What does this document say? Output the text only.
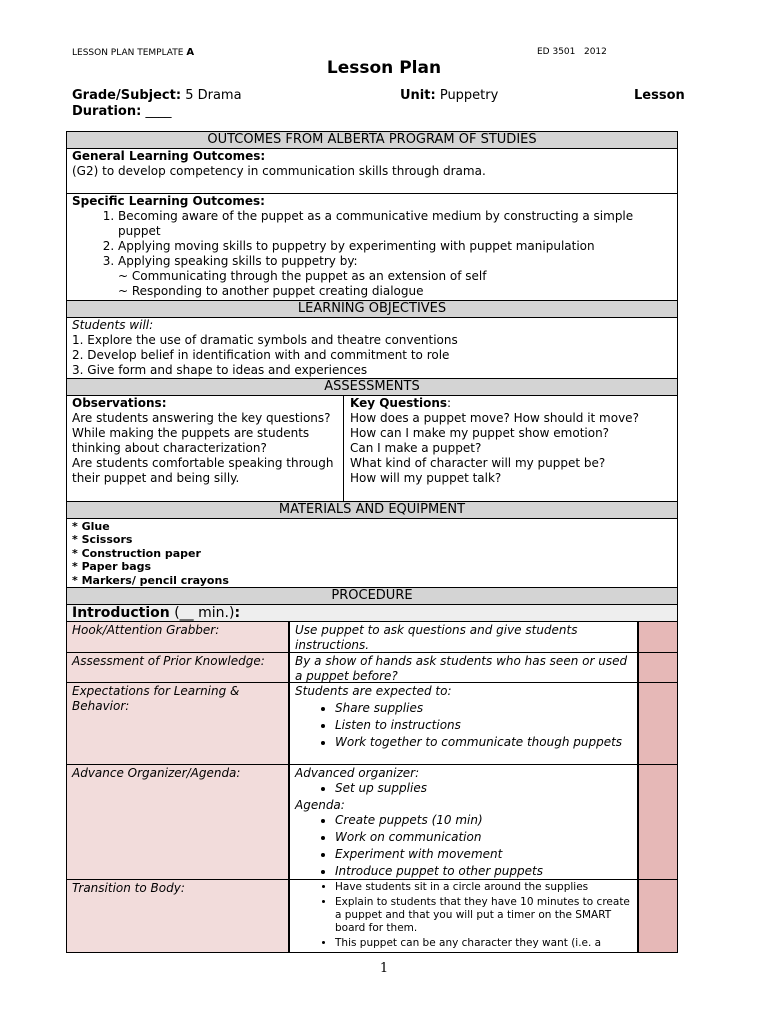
LESSON PLAN TEMPLATE A	ED 3501 2012
Lesson Plan
Grade/Subject: 5 Drama	Unit: Puppetry	Lesson
Duration: ____
OUTCOMES FROM ALBERTA PROGRAM OF STUDIES
General Learning Outcomes:
(G2) to develop competency in communication skills through drama.
Specific Learning Outcomes:
1. Becoming aware of the puppet as a communicative medium by constructing a simple puppet
2. Applying moving skills to puppetry by experimenting with puppet manipulation
3. Applying speaking skills to puppetry by:
~ Communicating through the puppet as an extension of self
~ Responding to another puppet creating dialogue
LEARNING OBJECTIVES
Students will:
1. Explore the use of dramatic symbols and theatre conventions
2. Develop belief in identification with and commitment to role
3. Give form and shape to ideas and experiences
ASSESSMENTS
Observations:
Are students answering the key questions?
While making the puppets are students thinking about characterization?
Are students comfortable speaking through their puppet and being silly.
Key Questions:
How does a puppet move? How should it move?
How can I make my puppet show emotion?
Can I make a puppet?
What kind of character will my puppet be?
How will my puppet talk?
MATERIALS AND EQUIPMENT
* Glue
* Scissors
* Construction paper
* Paper bags
* Markers/ pencil crayons
PROCEDURE
Introduction (__ min.):
Hook/Attention Grabber:	Use puppet to ask questions and give students instructions.
Assessment of Prior Knowledge:	By a show of hands ask students who has seen or used a puppet before?
Expectations for Learning & Behavior:
Students are expected to:
• Share supplies
• Listen to instructions
• Work together to communicate though puppets
Advance Organizer/Agenda:	Advanced organizer:
• Set up supplies
Agenda:
• Create puppets (10 min)
• Work on communication
• Experiment with movement
• Introduce puppet to other puppets
Transition to Body:
•	Have students sit in a circle around the supplies
• Explain to students that they have 10 minutes to create a puppet and that you will put a timer on the SMART board for them.
• This puppet can be any character they want (i.e. a
1
